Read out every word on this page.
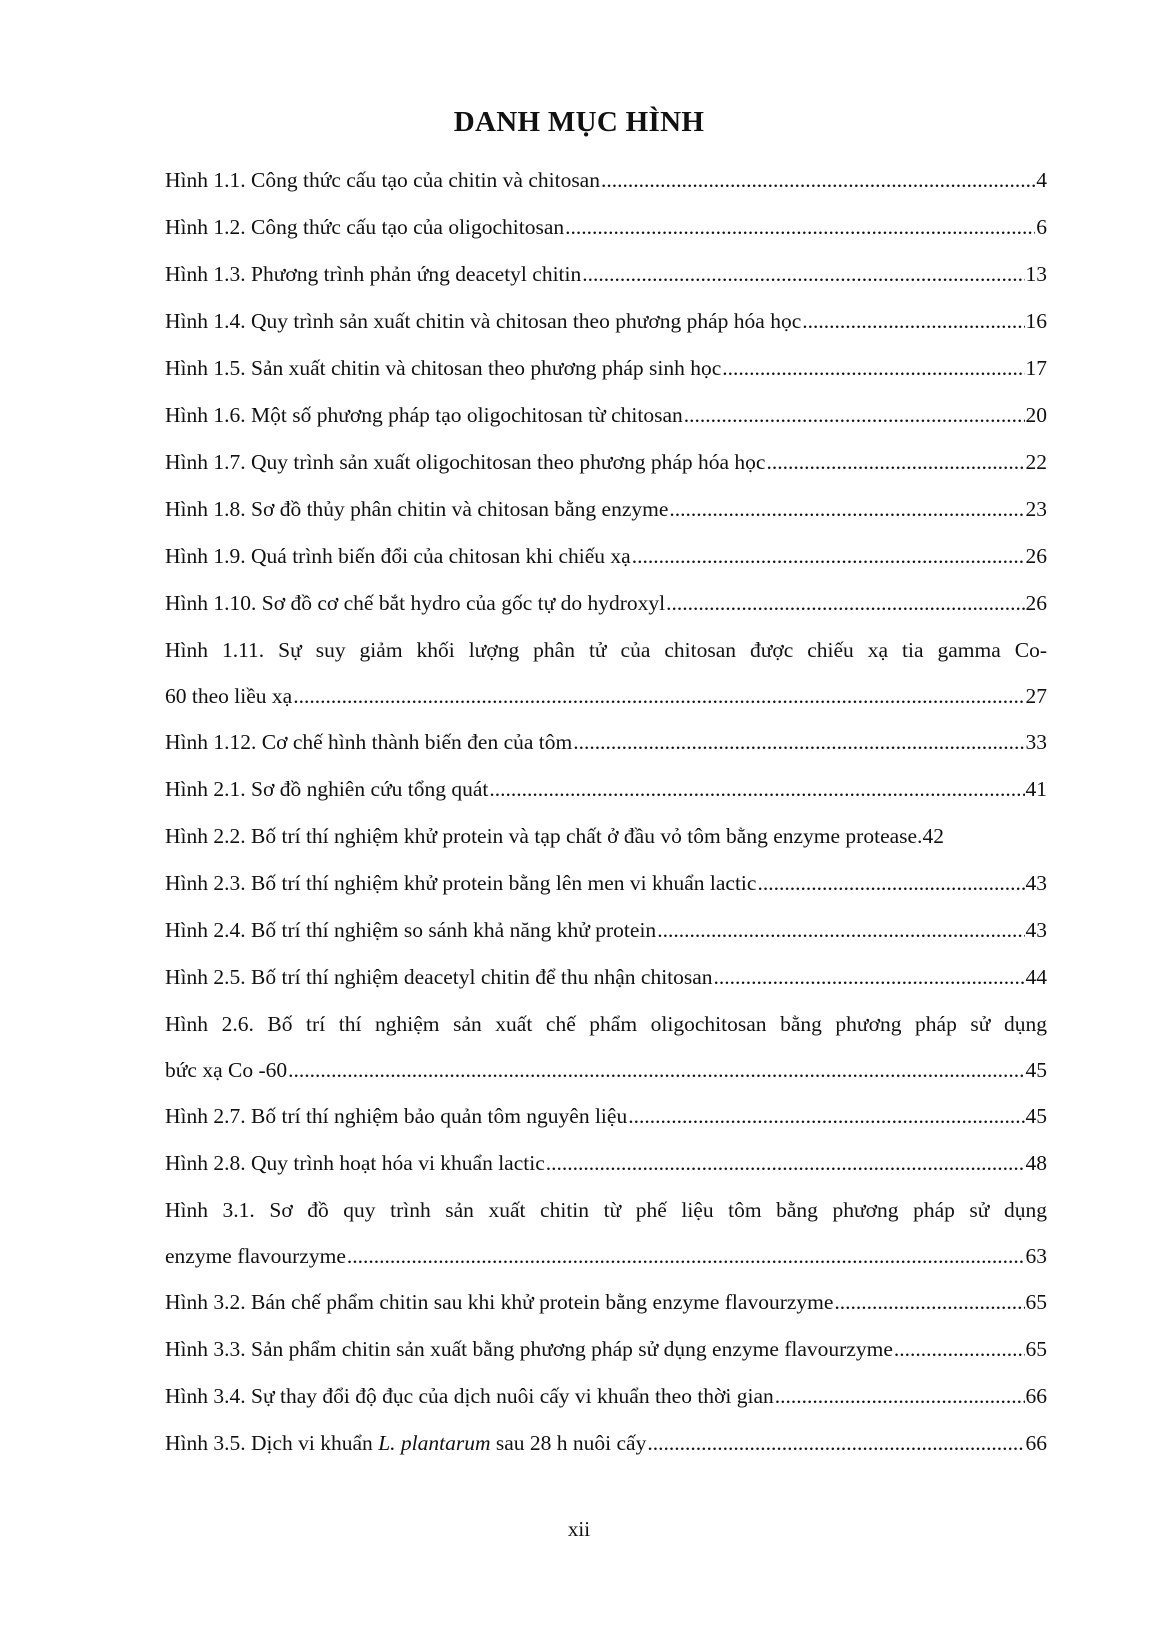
DANH MỤC HÌNH
Hình 1.1. Công thức cấu tạo của chitin và chitosan .....	4
Hình 1.2. Công thức cấu tạo của oligochitosan .....	6
Hình 1.3. Phương trình phản ứng deacetyl chitin .....	13
Hình 1.4. Quy trình sản xuất chitin và chitosan theo phương pháp hóa học .....	16
Hình 1.5. Sản xuất chitin và chitosan theo phương pháp sinh học .....	17
Hình 1.6. Một số phương pháp tạo oligochitosan từ chitosan .....	20
Hình 1.7. Quy trình sản xuất oligochitosan theo phương pháp hóa học .....	22
Hình 1.8. Sơ đồ thủy phân chitin và chitosan bằng enzyme .....	23
Hình 1.9. Quá trình biến đổi của chitosan khi chiếu xạ .....	26
Hình 1.10. Sơ đồ cơ chế bắt hydro của gốc tự do hydroxyl .....	26
Hình 1.11. Sự suy giảm khối lượng phân tử của chitosan được chiếu xạ tia gamma Co-
60 theo liều xạ .....	27
Hình 1.12. Cơ chế hình thành biến đen của tôm .....	33
Hình 2.1. Sơ đồ nghiên cứu tổng quát .....	41
Hình 2.2. Bố trí thí nghiệm khử protein và tạp chất ở đầu vỏ tôm bằng enzyme protease. 42
Hình 2.3. Bố trí thí nghiệm khử protein bằng lên men vi khuẩn lactic .....	43
Hình 2.4. Bố trí thí nghiệm so sánh khả năng khử protein .....	43
Hình 2.5. Bố trí thí nghiệm deacetyl chitin để thu nhận chitosan .....	44
Hình 2.6. Bố trí thí nghiệm sản xuất chế phẩm oligochitosan bằng phương pháp sử dụng
bức xạ Co -60 .....	45
Hình 2.7. Bố trí thí nghiệm bảo quản tôm nguyên liệu .....	45
Hình 2.8. Quy trình hoạt hóa vi khuẩn lactic .....	48
Hình 3.1. Sơ đồ quy trình sản xuất chitin từ phế liệu tôm bằng phương pháp sử dụng
enzyme flavourzyme .....	63
Hình 3.2. Bán chế phẩm chitin sau khi khử protein bằng enzyme flavourzyme .....	65
Hình 3.3. Sản phẩm chitin sản xuất bằng phương pháp sử dụng enzyme flavourzyme .....	65
Hình 3.4. Sự thay đổi độ đục của dịch nuôi cấy vi khuẩn theo thời gian .....	66
Hình 3.5. Dịch vi khuẩn L. plantarum sau 28 h nuôi cấy .....	66
xii
